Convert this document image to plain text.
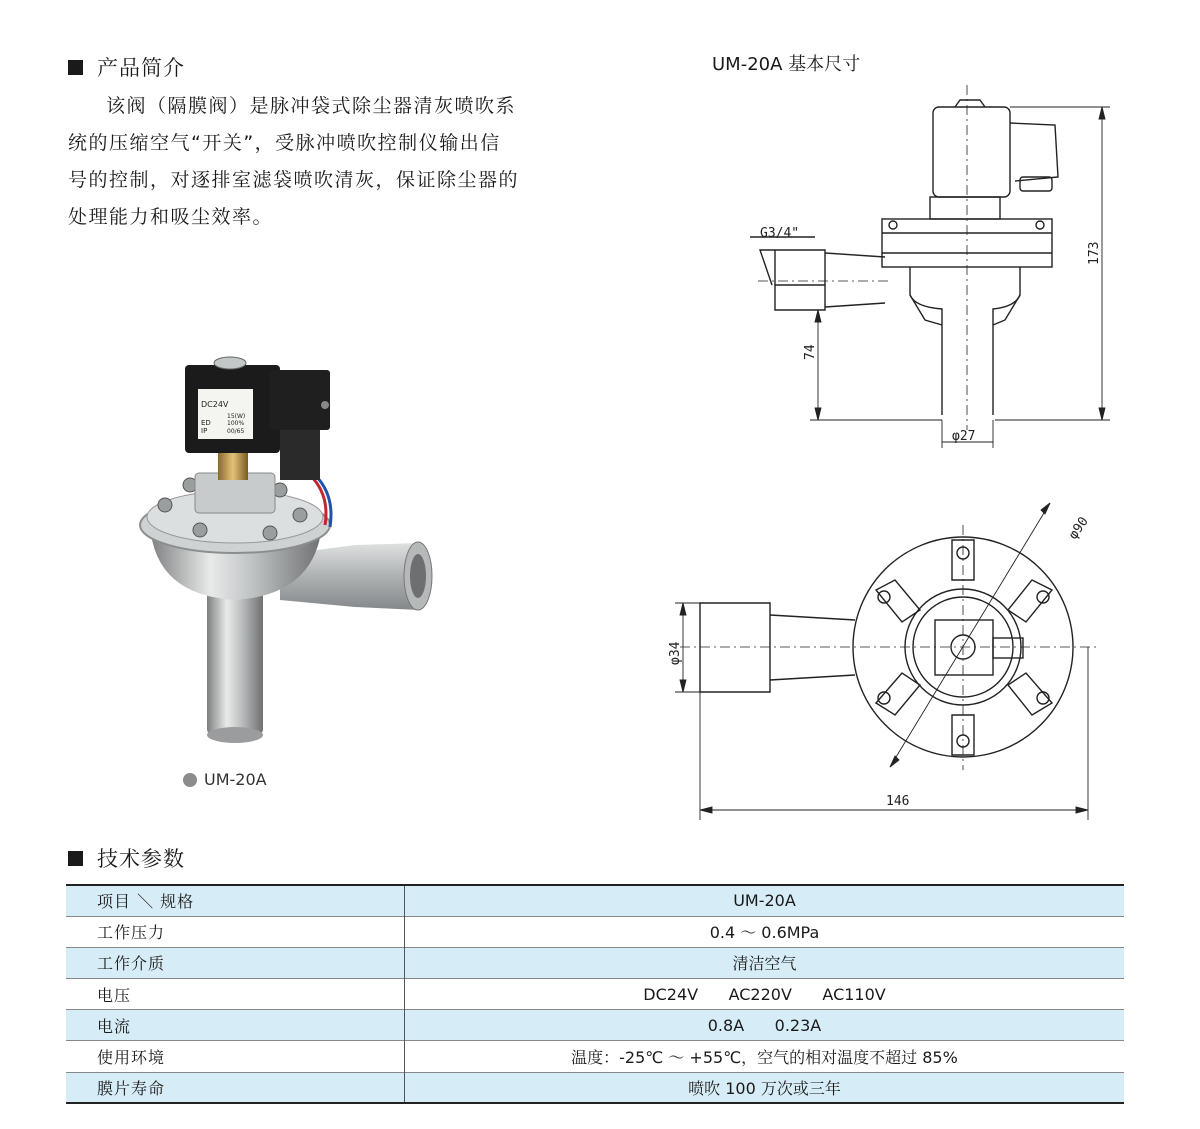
产品简介

该阀（隔膜阀）是脉冲袋式除尘器清灰喷吹系统的压缩空气“开关”，受脉冲喷吹控制仪输出信号的控制，对逐排室滤袋喷吹清灰，保证除尘器的处理能力和吸尘效率。

UM-20A 基本尺寸
DC24V
15(W)
ED	100%
IP	00/65
UM-20A
G3/4"
173
74
φ27
φ90
φ34
146
技术参数
项目 ＼ 规格	UM-20A
工作压力	0.4 ～ 0.6MPa
工作介质	清洁空气
电压	DC24V      AC220V      AC110V
电流	0.8A      0.23A
使用环境	温度：-25℃ ～ +55℃，空气的相对温度不超过 85%
膜片寿命	喷吹 100 万次或三年
